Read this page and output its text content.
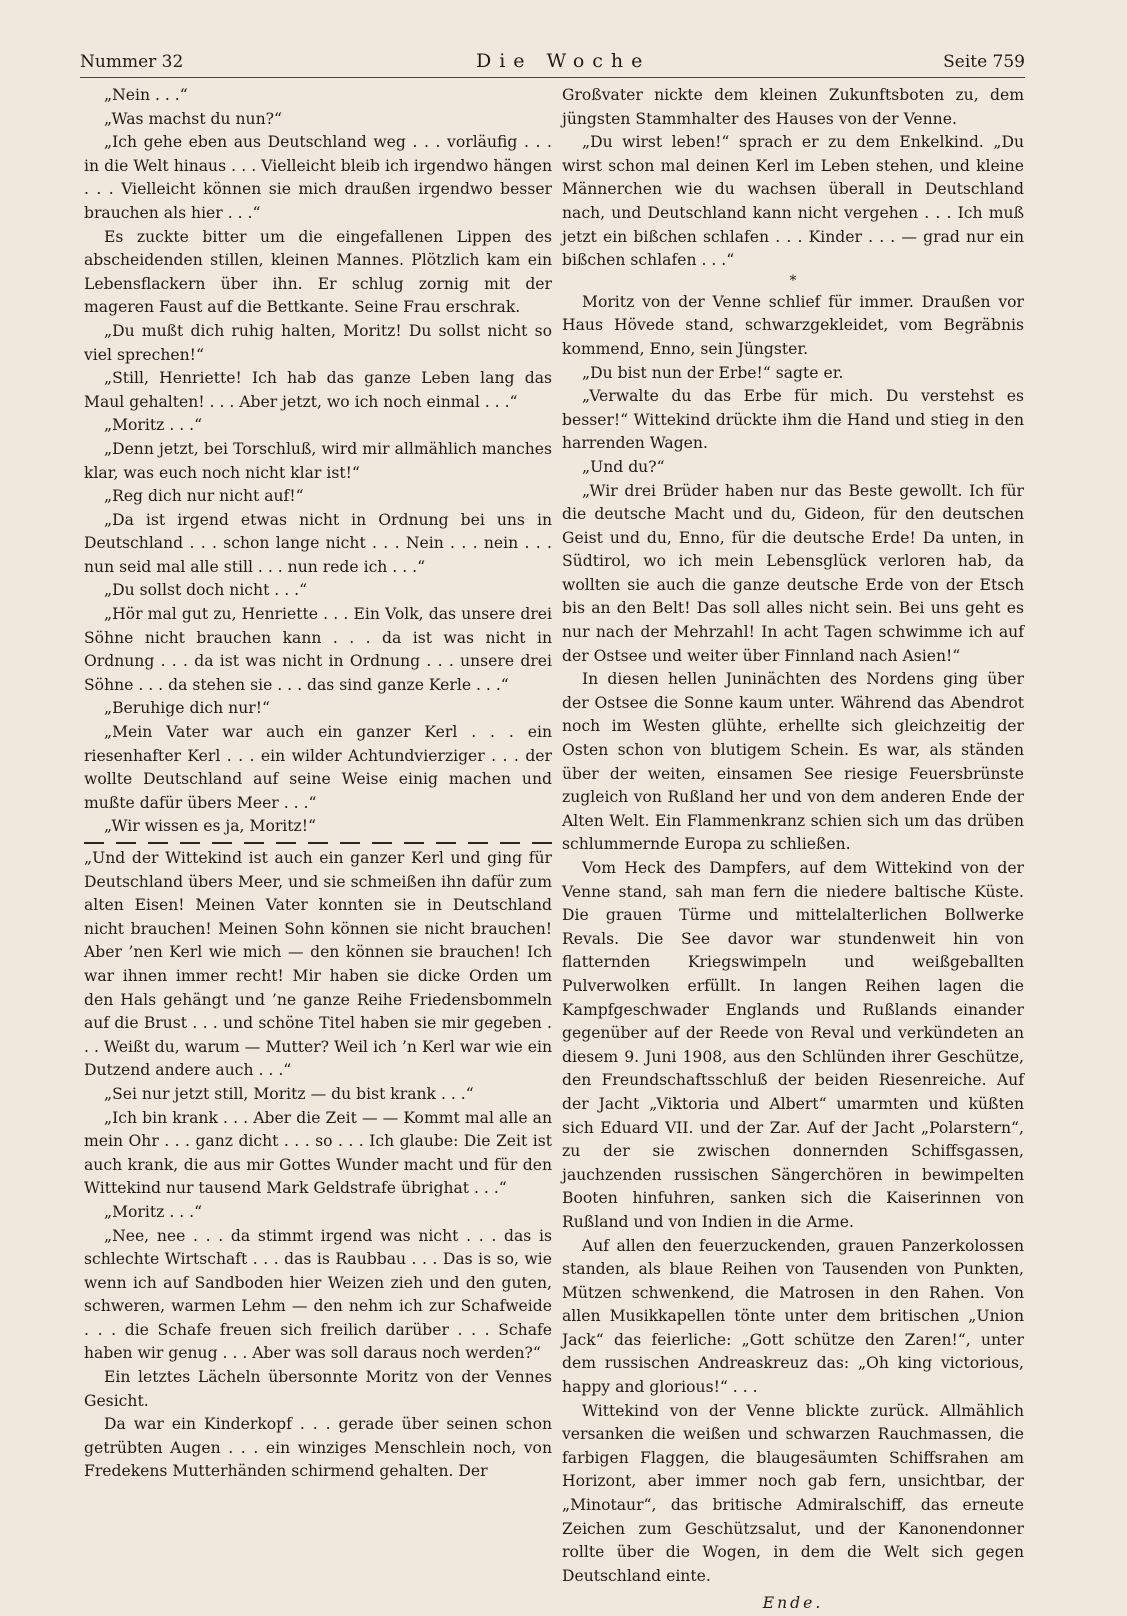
Nummer 32	Die Woche	Seite 759

„Nein . . .“

„Was machst du nun?“

„Ich gehe eben aus Deutschland weg . . . vorläufig . . . in die Welt hinaus . . . Vielleicht bleib ich irgendwo hängen . . . Vielleicht können sie mich draußen irgendwo besser brauchen als hier . . .“

Es zuckte bitter um die eingefallenen Lippen des abscheidenden stillen, kleinen Mannes. Plötzlich kam ein Lebensflackern über ihn. Er schlug zornig mit der mageren Faust auf die Bettkante. Seine Frau erschrak.

„Du mußt dich ruhig halten, Moritz! Du sollst nicht so viel sprechen!“

„Still, Henriette! Ich hab das ganze Leben lang das Maul gehalten! . . . Aber jetzt, wo ich noch einmal . . .“

„Moritz . . .“

„Denn jetzt, bei Torschluß, wird mir allmählich manches klar, was euch noch nicht klar ist!“

„Reg dich nur nicht auf!“

„Da ist irgend etwas nicht in Ordnung bei uns in Deutschland . . . schon lange nicht . . . Nein . . . nein . . . nun seid mal alle still . . . nun rede ich . . .“

„Du sollst doch nicht . . .“

„Hör mal gut zu, Henriette . . . Ein Volk, das unsere drei Söhne nicht brauchen kann . . . da ist was nicht in Ordnung . . . da ist was nicht in Ordnung . . . unsere drei Söhne . . . da stehen sie . . . das sind ganze Kerle . . .“

„Beruhige dich nur!“

„Mein Vater war auch ein ganzer Kerl . . . ein riesenhafter Kerl . . . ein wilder Achtundvierziger . . . der wollte Deutschland auf seine Weise einig machen und mußte dafür übers Meer . . .“

„Wir wissen es ja, Moritz!“

„Und der Wittekind ist auch ein ganzer Kerl und ging für Deutschland übers Meer, und sie schmeißen ihn dafür zum alten Eisen! Meinen Vater konnten sie in Deutschland nicht brauchen! Meinen Sohn können sie nicht brauchen! Aber ’nen Kerl wie mich — den können sie brauchen! Ich war ihnen immer recht! Mir haben sie dicke Orden um den Hals gehängt und ’ne ganze Reihe Friedensbommeln auf die Brust . . . und schöne Titel haben sie mir gegeben . . . Weißt du, warum — Mutter? Weil ich ’n Kerl war wie ein Dutzend andere auch . . .“

„Sei nur jetzt still, Moritz — du bist krank . . .“

„Ich bin krank . . . Aber die Zeit — — Kommt mal alle an mein Ohr . . . ganz dicht . . . so . . . Ich glaube: Die Zeit ist auch krank, die aus mir Gottes Wunder macht und für den Wittekind nur tausend Mark Geldstrafe übrighat . . .“

„Moritz . . .“

„Nee, nee . . . da stimmt irgend was nicht . . . das is schlechte Wirtschaft . . . das is Raubbau . . . Das is so, wie wenn ich auf Sandboden hier Weizen zieh und den guten, schweren, warmen Lehm — den nehm ich zur Schafweide . . . die Schafe freuen sich freilich darüber . . . Schafe haben wir genug . . . Aber was soll daraus noch werden?“

Ein letztes Lächeln übersonnte Moritz von der Vennes Gesicht.

Da war ein Kinderkopf . . . gerade über seinen schon getrübten Augen . . . ein winziges Menschlein noch, von Fredekens Mutterhänden schirmend gehalten. Der

Großvater nickte dem kleinen Zukunftsboten zu, dem jüngsten Stammhalter des Hauses von der Venne.

„Du wirst leben!“ sprach er zu dem Enkelkind. „Du wirst schon mal deinen Kerl im Leben stehen, und kleine Männerchen wie du wachsen überall in Deutschland nach, und Deutschland kann nicht vergehen . . . Ich muß jetzt ein bißchen schlafen . . . Kinder . . . — grad nur ein bißchen schlafen . . .“

*

Moritz von der Venne schlief für immer. Draußen vor Haus Hövede stand, schwarzgekleidet, vom Begräbnis kommend, Enno, sein Jüngster.

„Du bist nun der Erbe!“ sagte er.

„Verwalte du das Erbe für mich. Du verstehst es besser!“ Wittekind drückte ihm die Hand und stieg in den harrenden Wagen.

„Und du?“

„Wir drei Brüder haben nur das Beste gewollt. Ich für die deutsche Macht und du, Gideon, für den deutschen Geist und du, Enno, für die deutsche Erde! Da unten, in Südtirol, wo ich mein Lebensglück verloren hab, da wollten sie auch die ganze deutsche Erde von der Etsch bis an den Belt! Das soll alles nicht sein. Bei uns geht es nur nach der Mehrzahl! In acht Tagen schwimme ich auf der Ostsee und weiter über Finnland nach Asien!“

In diesen hellen Juninächten des Nordens ging über der Ostsee die Sonne kaum unter. Während das Abendrot noch im Westen glühte, erhellte sich gleichzeitig der Osten schon von blutigem Schein. Es war, als ständen über der weiten, einsamen See riesige Feuersbrünste zugleich von Rußland her und von dem anderen Ende der Alten Welt. Ein Flammenkranz schien sich um das drüben schlummernde Europa zu schließen.

Vom Heck des Dampfers, auf dem Wittekind von der Venne stand, sah man fern die niedere baltische Küste. Die grauen Türme und mittelalterlichen Bollwerke Revals. Die See davor war stundenweit hin von flatternden Kriegswimpeln und weißgeballten Pulverwolken erfüllt. In langen Reihen lagen die Kampfgeschwader Englands und Rußlands einander gegenüber auf der Reede von Reval und verkündeten an diesem 9. Juni 1908, aus den Schlünden ihrer Geschütze, den Freundschaftsschluß der beiden Riesenreiche. Auf der Jacht „Viktoria und Albert“ umarmten und küßten sich Eduard VII. und der Zar. Auf der Jacht „Polarstern“, zu der sie zwischen donnernden Schiffsgassen, jauchzenden russischen Sängerchören in bewimpelten Booten hinfuhren, sanken sich die Kaiserinnen von Rußland und von Indien in die Arme.

Auf allen den feuerzuckenden, grauen Panzerkolossen standen, als blaue Reihen von Tausenden von Punkten, Mützen schwenkend, die Matrosen in den Rahen. Von allen Musikkapellen tönte unter dem britischen „Union Jack“ das feierliche: „Gott schütze den Zaren!“, unter dem russischen Andreaskreuz das: „Oh king victorious, happy and glorious!“ . . .

Wittekind von der Venne blickte zurück. Allmählich versanken die weißen und schwarzen Rauchmassen, die farbigen Flaggen, die blaugesäumten Schiffsrahen am Horizont, aber immer noch gab fern, unsichtbar, der „Minotaur“, das britische Admiralschiff, das erneute Zeichen zum Geschützsalut, und der Kanonendonner rollte über die Wogen, in dem die Welt sich gegen Deutschland einte.

Ende.
